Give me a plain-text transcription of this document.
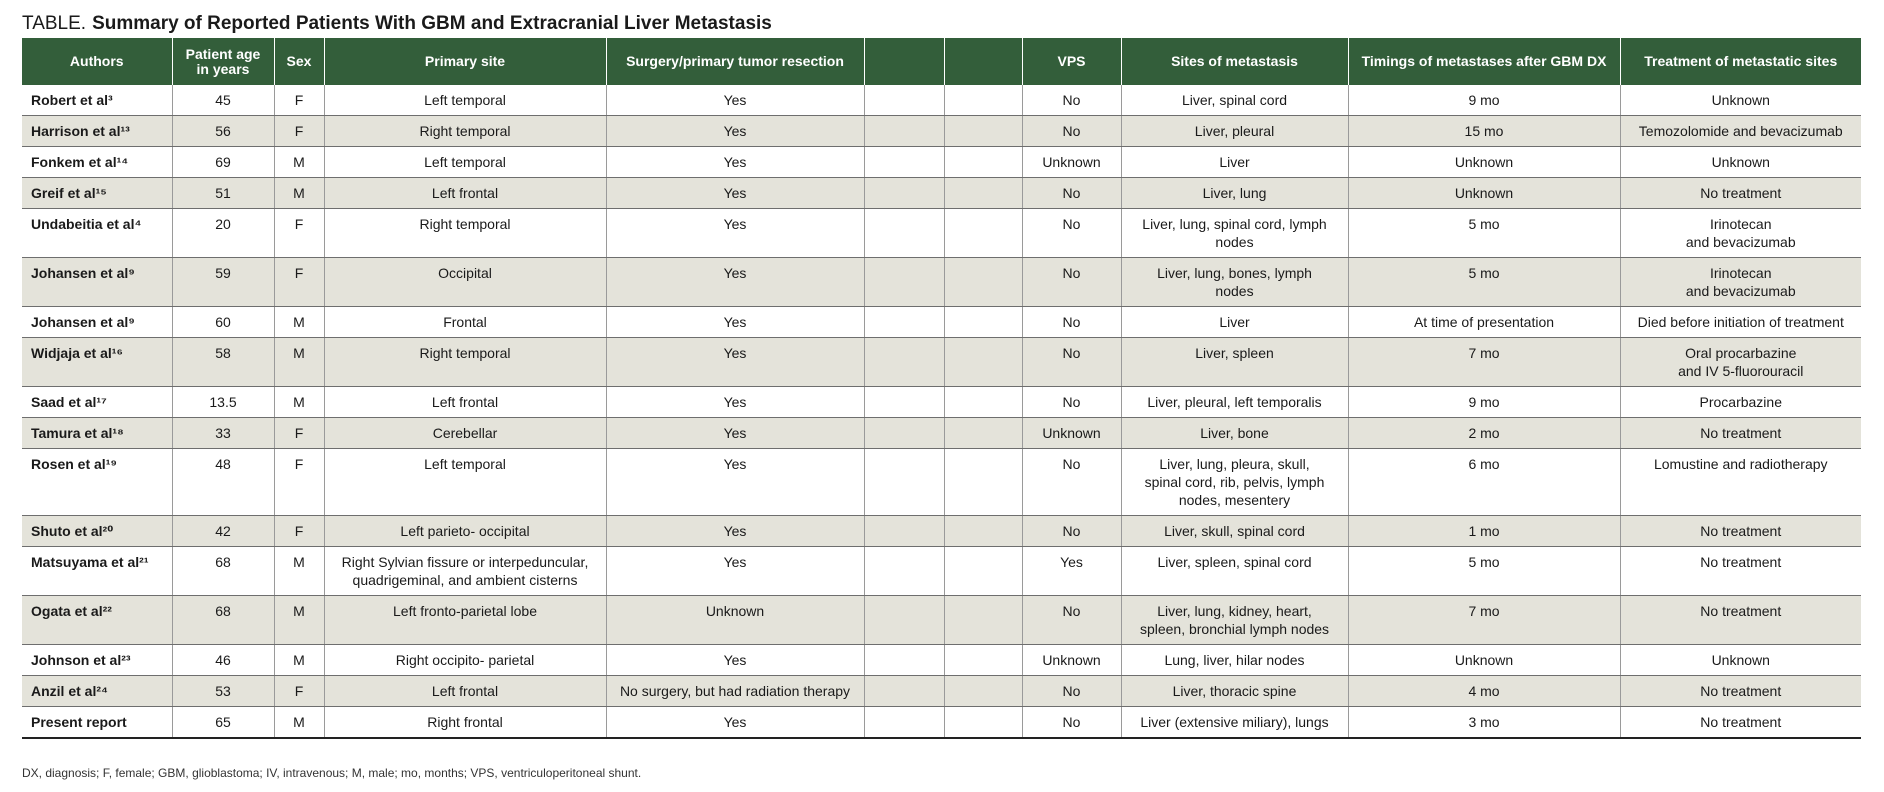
TABLE. Summary of Reported Patients With GBM and Extracranial Liver Metastasis
Authors	Patient age in years	Sex	Primary site	Surgery/primary tumor resection			VPS	Sites of metastasis	Timings of metastases after GBM DX	Treatment of metastatic sites
Robert et al³	45	F	Left temporal	Yes			No	Liver, spinal cord	9 mo	Unknown
Harrison et al¹³	56	F	Right temporal	Yes			No	Liver, pleural	15 mo	Temozolomide and bevacizumab
Fonkem et al¹⁴	69	M	Left temporal	Yes			Unknown	Liver	Unknown	Unknown
Greif et al¹⁵	51	M	Left frontal	Yes			No	Liver, lung	Unknown	No treatment
Undabeitia et al⁴	20	F	Right temporal	Yes			No	Liver, lung, spinal cord, lymph nodes	5 mo	Irinotecan
and bevacizumab
Johansen et al⁹	59	F	Occipital	Yes			No	Liver, lung, bones, lymph nodes	5 mo	Irinotecan
and bevacizumab
Johansen et al⁹	60	M	Frontal	Yes			No	Liver	At time of presentation	Died before initiation of treatment
Widjaja et al¹⁶	58	M	Right temporal	Yes			No	Liver, spleen	7 mo	Oral procarbazine
and IV 5-fluorouracil
Saad et al¹⁷	13.5	M	Left frontal	Yes			No	Liver, pleural, left temporalis	9 mo	Procarbazine
Tamura et al¹⁸	33	F	Cerebellar	Yes			Unknown	Liver, bone	2 mo	No treatment
Rosen et al¹⁹	48	F	Left temporal	Yes			No	Liver, lung, pleura, skull, spinal cord, rib, pelvis, lymph nodes, mesentery	6 mo	Lomustine and radiotherapy
Shuto et al²⁰	42	F	Left parieto- occipital	Yes			No	Liver, skull, spinal cord	1 mo	No treatment
Matsuyama et al²¹	68	M	Right Sylvian fissure or interpeduncular, quadrigeminal, and ambient cisterns	Yes			Yes	Liver, spleen, spinal cord	5 mo	No treatment
Ogata et al²²	68	M	Left fronto-parietal lobe	Unknown			No	Liver, lung, kidney, heart, spleen, bronchial lymph nodes	7 mo	No treatment
Johnson et al²³	46	M	Right occipito- parietal	Yes			Unknown	Lung, liver, hilar nodes	Unknown	Unknown
Anzil et al²⁴	53	F	Left frontal	No surgery, but had radiation therapy			No	Liver, thoracic spine	4 mo	No treatment
Present report	65	M	Right frontal	Yes			No	Liver (extensive miliary), lungs	3 mo	No treatment
DX, diagnosis; F, female; GBM, glioblastoma; IV, intravenous; M, male; mo, months; VPS, ventriculoperitoneal shunt.
